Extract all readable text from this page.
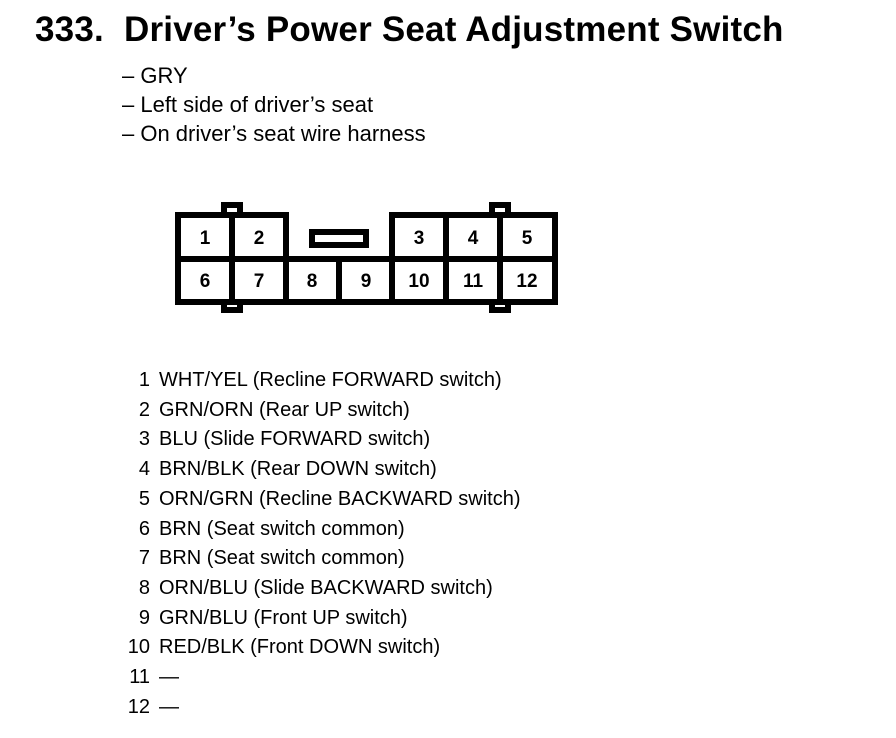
333. Driver’s Power Seat Adjustment Switch
– GRY
– Left side of driver’s seat
– On driver’s seat wire harness
1 2	3 4 5
6 7 8 9 10 11 12
1 WHT/YEL (Recline FORWARD switch)
2 GRN/ORN (Rear UP switch)
3 BLU (Slide FORWARD switch)
4 BRN/BLK (Rear DOWN switch)
5 ORN/GRN (Recline BACKWARD switch)
6 BRN (Seat switch common)
7 BRN (Seat switch common)
8 ORN/BLU (Slide BACKWARD switch)
9 GRN/BLU (Front UP switch)
10 RED/BLK (Front DOWN switch)
11 —
12 —
